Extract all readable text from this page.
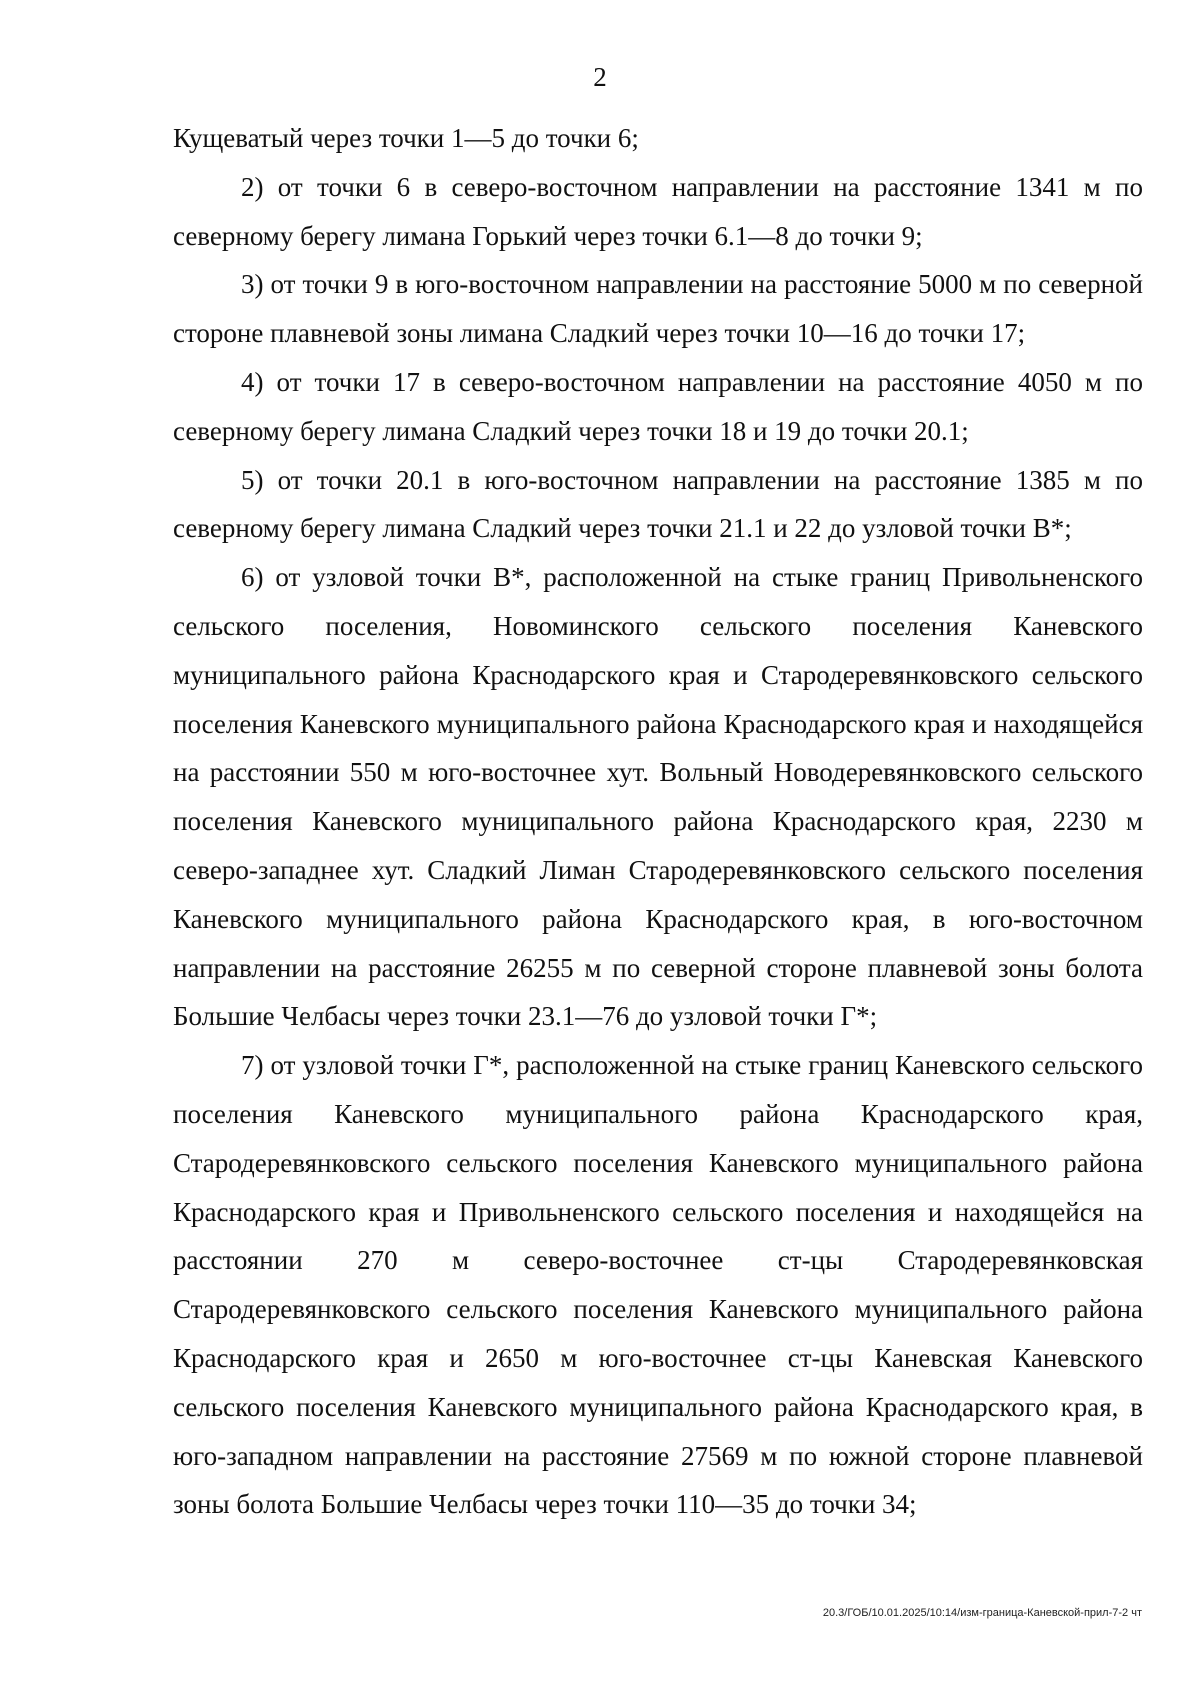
2

Кущеватый через точки 1—5 до точки 6;

2) от точки 6 в северо-восточном направлении на расстояние 1341 м по северному берегу лимана Горький через точки 6.1—8 до точки 9;

3) от точки 9 в юго-восточном направлении на расстояние 5000 м по северной стороне плавневой зоны лимана Сладкий через точки 10—16 до точки 17;

4) от точки 17 в северо-восточном направлении на расстояние 4050 м по северному берегу лимана Сладкий через точки 18 и 19 до точки 20.1;

5) от точки 20.1 в юго-восточном направлении на расстояние 1385 м по северному берегу лимана Сладкий через точки 21.1 и 22 до узловой точки В*;

6) от узловой точки В*, расположенной на стыке границ Привольненского сельского поселения, Новоминского сельского поселения Каневского муниципального района Краснодарского края и Стародеревянковского сельского поселения Каневского муниципального района Краснодарского края и находящейся на расстоянии 550 м юго-восточнее хут. Вольный Новодеревянковского сельского поселения Каневского муниципального района Краснодарского края, 2230 м северо-западнее хут. Сладкий Лиман Стародеревянковского сельского поселения Каневского муниципального района Краснодарского края, в юго-восточном направлении на расстояние 26255 м по северной стороне плавневой зоны болота Большие Челбасы через точки 23.1—76 до узловой точки Г*;

7) от узловой точки Г*, расположенной на стыке границ Каневского сельского поселения Каневского муниципального района Краснодарского края, Стародеревянковского сельского поселения Каневского муниципального района Краснодарского края и Привольненского сельского поселения и находящейся на расстоянии 270 м северо-восточнее ст-цы Стародеревянковская Стародеревянковского сельского поселения Каневского муниципального района Краснодарского края и 2650 м юго-восточнее ст-цы Каневская Каневского сельского поселения Каневского муниципального района Краснодарского края, в юго-западном направлении на расстояние 27569 м по южной стороне плавневой зоны болота Большие Челбасы через точки 110—35 до точки 34;

20.3/ГОБ/10.01.2025/10:14/изм-граница-Каневской-прил-7-2 чт
